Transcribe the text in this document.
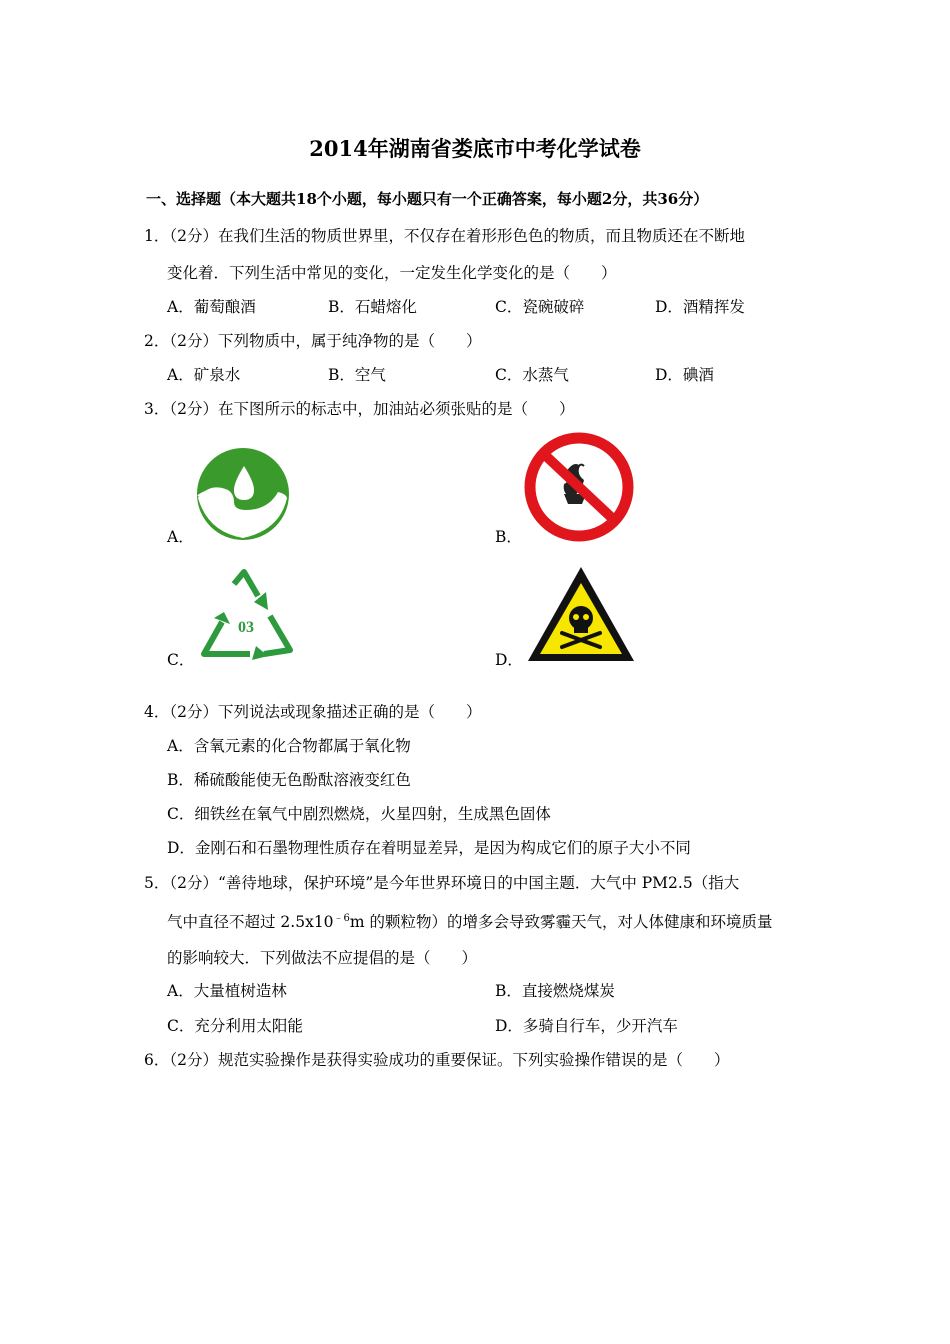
2014年湖南省娄底市中考化学试卷
一、选择题（本大题共18个小题，每小题只有一个正确答案，每小题2分，共36分）
1．（2分）在我们生活的物质世界里，不仅存在着形形色色的物质，而且物质还在不断地
变化着．下列生活中常见的变化，一定发生化学变化的是（　　）
A．葡萄酿酒	B．石蜡熔化	C．瓷碗破碎	D．酒精挥发
2．（2分）下列物质中，属于纯净物的是（　　）
A．矿泉水	B．空气	C．水蒸气	D．碘酒
3．（2分）在下图所示的标志中，加油站必须张贴的是（　　）
A．	B．
C．
03
D．
4．（2分）下列说法或现象描述正确的是（　　）
A．含氧元素的化合物都属于氧化物
B．稀硫酸能使无色酚酞溶液变红色
C．细铁丝在氧气中剧烈燃烧，火星四射，生成黑色固体
D．金刚石和石墨物理性质存在着明显差异，是因为构成它们的原子大小不同
5．（2分）“善待地球，保护环境”是今年世界环境日的中国主题．大气中 PM2.5（指大
气中直径不超过 $2.5x10^{﹣6}m$ 的颗粒物）的增多会导致雾霾天气，对人体健康和环境质量
的影响较大．下列做法不应提倡的是（　　）
A．大量植树造林	B．直接燃烧煤炭
C．充分利用太阳能	D．多骑自行车，少开汽车
6．（2分）规范实验操作是获得实验成功的重要保证。下列实验操作错误的是（　　）
